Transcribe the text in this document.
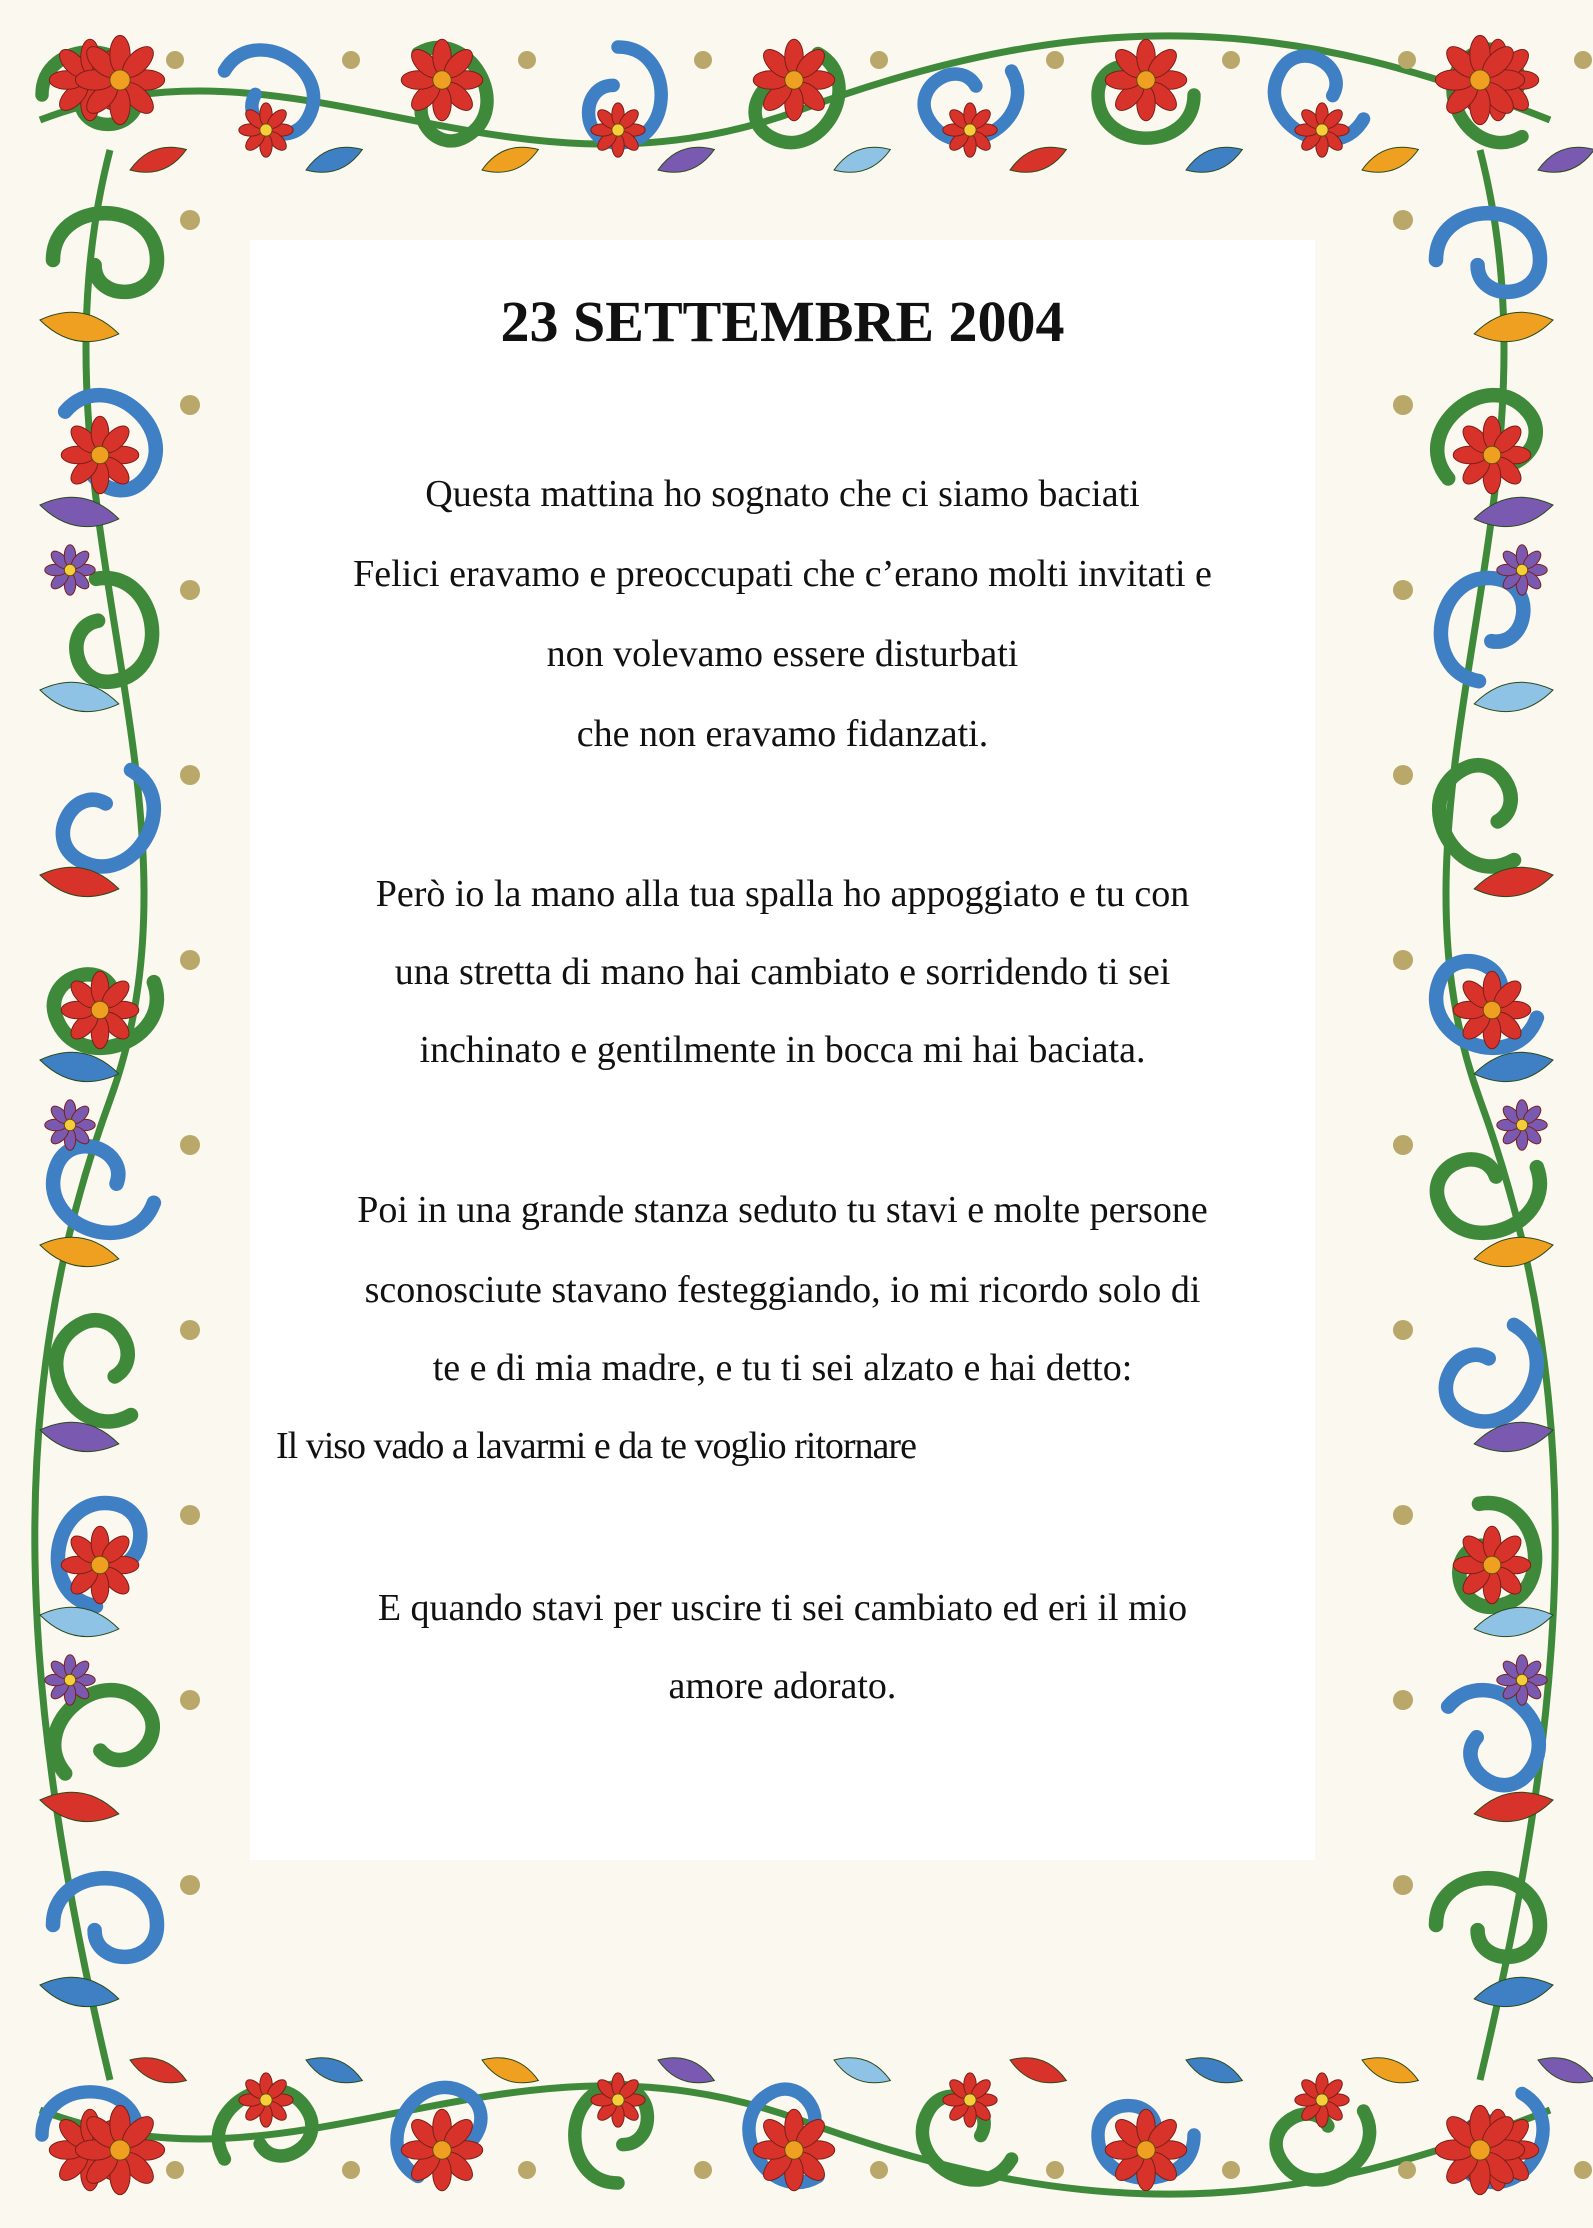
23 SETTEMBRE 2004

Questa mattina ho sognato che ci siamo baciati

Felici eravamo e preoccupati che c’erano molti invitati e

non volevamo essere disturbati

che non eravamo fidanzati.

Però io la mano alla tua spalla ho appoggiato e tu con

una stretta di mano hai cambiato e sorridendo ti sei

inchinato e gentilmente in bocca mi hai baciata.

Poi in una grande stanza seduto tu stavi e molte persone

sconosciute stavano festeggiando, io mi ricordo solo di

te e di mia madre, e tu ti sei alzato e hai detto:

Il viso vado a lavarmi e da te voglio ritornare

E quando stavi per uscire ti sei cambiato ed eri il mio

amore adorato.
